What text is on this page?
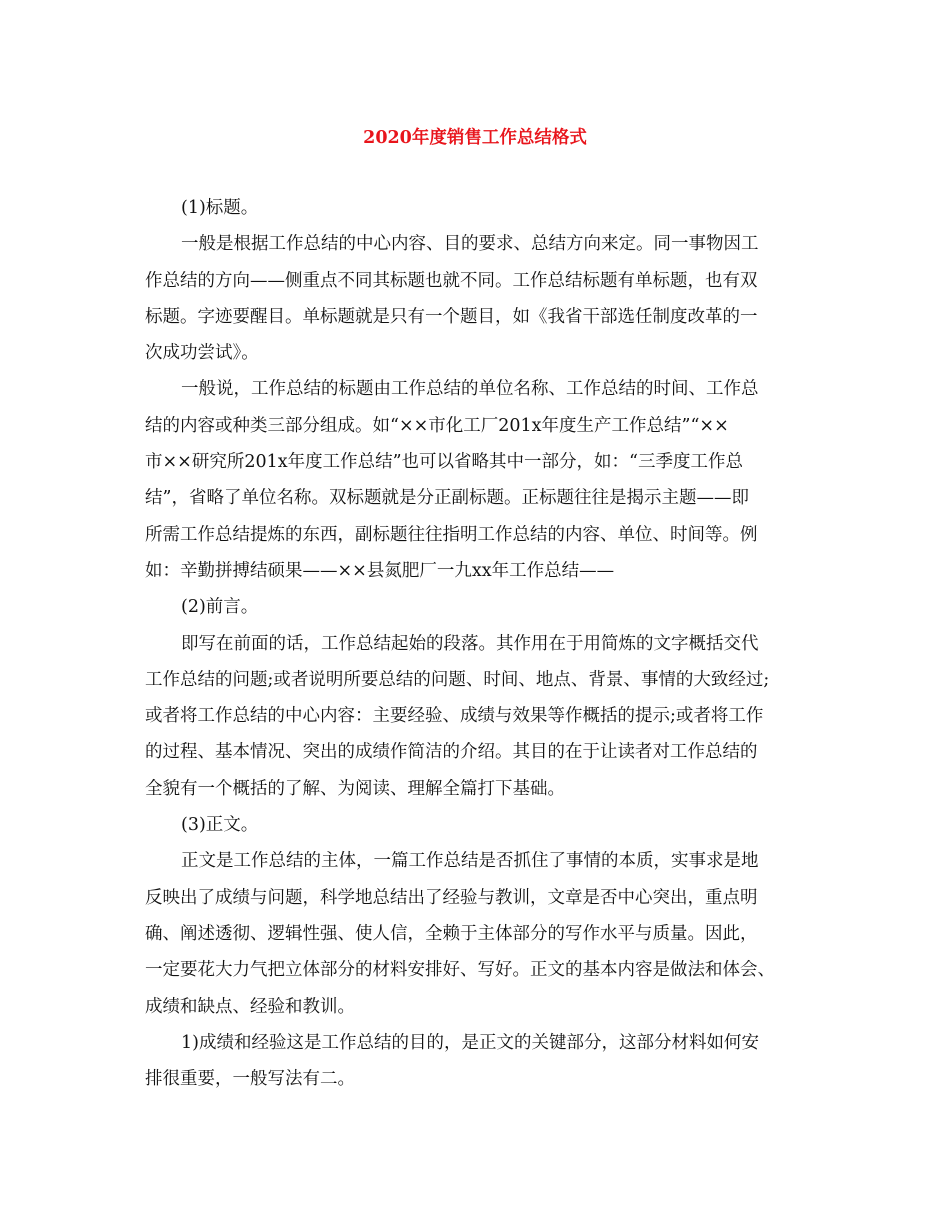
2020年度销售工作总结格式
(1)标题。
一般是根据工作总结的中心内容、目的要求、总结方向来定。同一事物因工
作总结的方向——侧重点不同其标题也就不同。工作总结标题有单标题，也有双
标题。字迹要醒目。单标题就是只有一个题目，如《我省干部选任制度改革的一
次成功尝试》。
一般说，工作总结的标题由工作总结的单位名称、工作总结的时间、工作总
结的内容或种类三部分组成。如“××市化工厂201x年度生产工作总结”“××
市××研究所201x年度工作总结”也可以省略其中一部分，如：“三季度工作总
结”，省略了单位名称。双标题就是分正副标题。正标题往往是揭示主题——即
所需工作总结提炼的东西，副标题往往指明工作总结的内容、单位、时间等。例
如：辛勤拼搏结硕果——××县氮肥厂一九xx年工作总结——
(2)前言。
即写在前面的话，工作总结起始的段落。其作用在于用简炼的文字概括交代
工作总结的问题;或者说明所要总结的问题、时间、地点、背景、事情的大致经过;
或者将工作总结的中心内容：主要经验、成绩与效果等作概括的提示;或者将工作
的过程、基本情况、突出的成绩作简洁的介绍。其目的在于让读者对工作总结的
全貌有一个概括的了解、为阅读、理解全篇打下基础。
(3)正文。
正文是工作总结的主体，一篇工作总结是否抓住了事情的本质，实事求是地
反映出了成绩与问题，科学地总结出了经验与教训，文章是否中心突出，重点明
确、阐述透彻、逻辑性强、使人信，全赖于主体部分的写作水平与质量。因此，
一定要花大力气把立体部分的材料安排好、写好。正文的基本内容是做法和体会、
成绩和缺点、经验和教训。
1)成绩和经验这是工作总结的目的，是正文的关键部分，这部分材料如何安
排很重要，一般写法有二。
